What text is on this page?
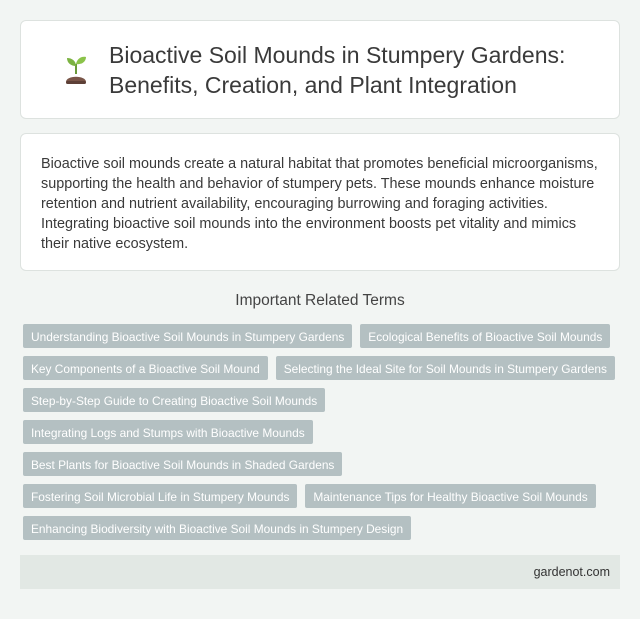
Bioactive Soil Mounds in Stumpery Gardens: Benefits, Creation, and Plant Integration

Bioactive soil mounds create a natural habitat that promotes beneficial microorganisms, supporting the health and behavior of stumpery pets. These mounds enhance moisture retention and nutrient availability, encouraging burrowing and foraging activities. Integrating bioactive soil mounds into the environment boosts pet vitality and mimics their native ecosystem.

Important Related Terms
Understanding Bioactive Soil Mounds in Stumpery Gardens	Ecological Benefits of Bioactive Soil Mounds
Key Components of a Bioactive Soil Mound	Selecting the Ideal Site for Soil Mounds in Stumpery Gardens
Step-by-Step Guide to Creating Bioactive Soil Mounds
Integrating Logs and Stumps with Bioactive Mounds
Best Plants for Bioactive Soil Mounds in Shaded Gardens
Fostering Soil Microbial Life in Stumpery Mounds	Maintenance Tips for Healthy Bioactive Soil Mounds
Enhancing Biodiversity with Bioactive Soil Mounds in Stumpery Design
gardenot.com
